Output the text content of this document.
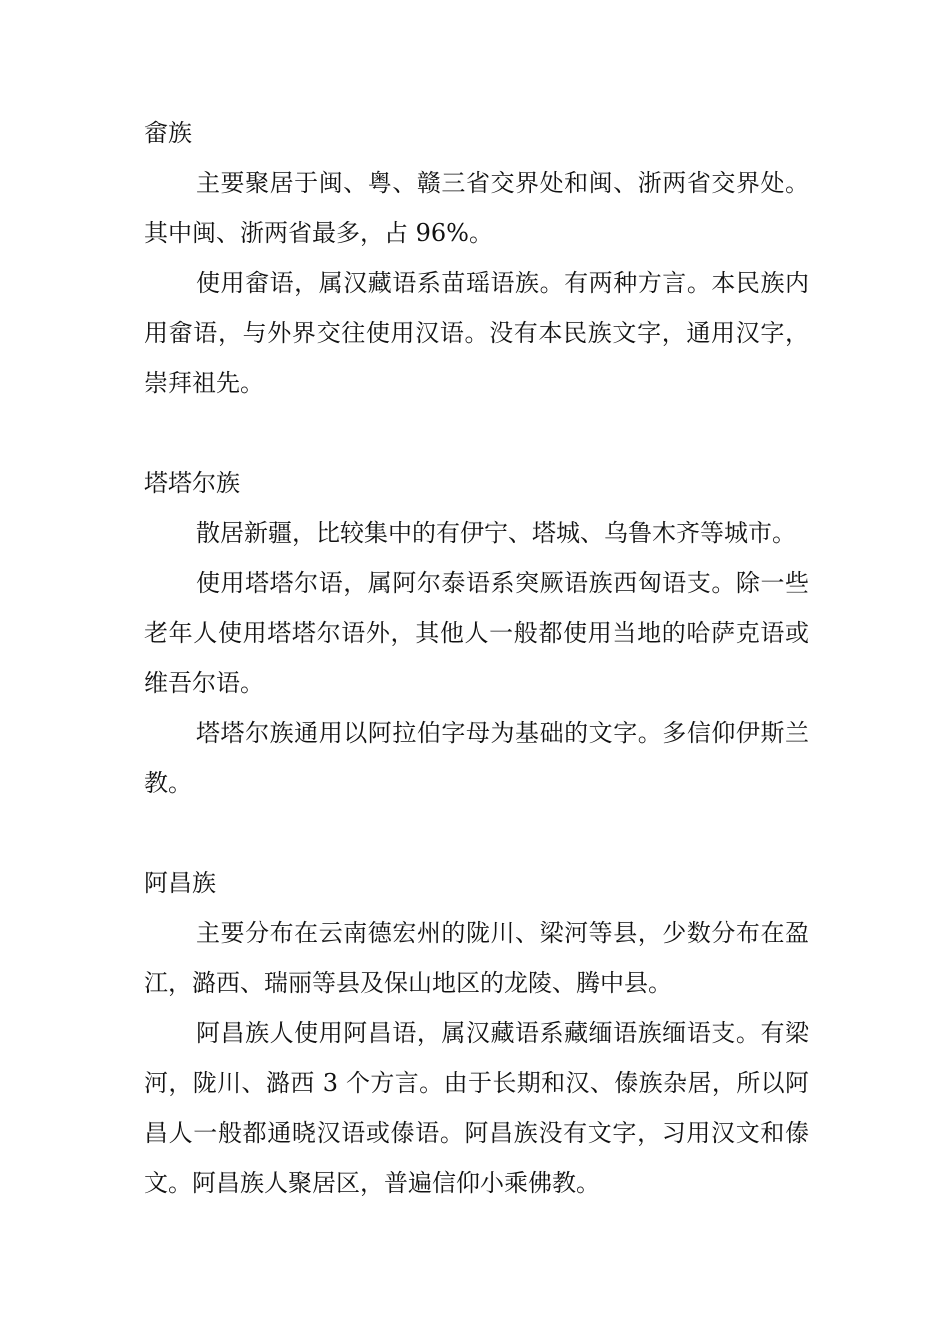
畲族

主要聚居于闽、粤、赣三省交界处和闽、浙两省交界处。其中闽、浙两省最多，占 96%。

使用畲语，属汉藏语系苗瑶语族。有两种方言。本民族内用畲语，与外界交往使用汉语。没有本民族文字，通用汉字，崇拜祖先。

塔塔尔族

散居新疆，比较集中的有伊宁、塔城、乌鲁木齐等城市。

使用塔塔尔语，属阿尔泰语系突厥语族西匈语支。除一些老年人使用塔塔尔语外，其他人一般都使用当地的哈萨克语或维吾尔语。

塔塔尔族通用以阿拉伯字母为基础的文字。多信仰伊斯兰教。

阿昌族

主要分布在云南德宏州的陇川、梁河等县，少数分布在盈江，潞西、瑞丽等县及保山地区的龙陵、腾中县。

阿昌族人使用阿昌语，属汉藏语系藏缅语族缅语支。有梁河，陇川、潞西 3 个方言。由于长期和汉、傣族杂居，所以阿昌人一般都通晓汉语或傣语。阿昌族没有文字，习用汉文和傣文。阿昌族人聚居区，普遍信仰小乘佛教。
